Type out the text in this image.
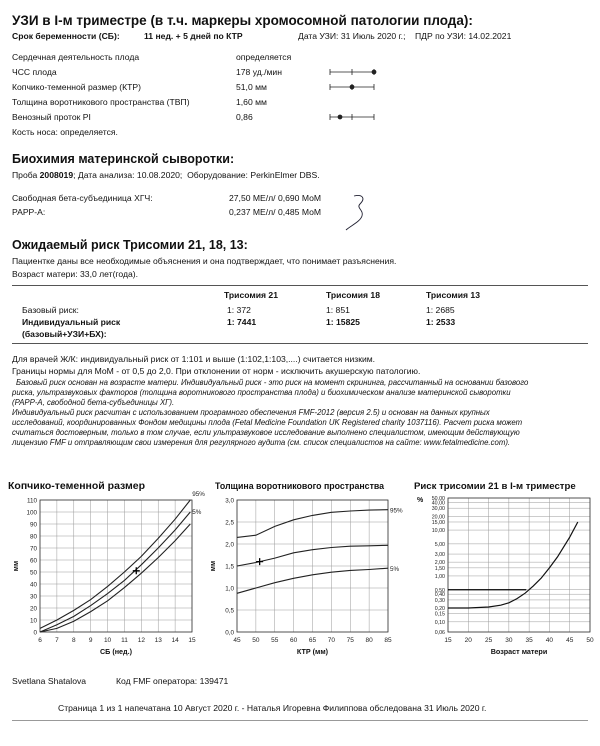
УЗИ в I-м триместре (в т.ч. маркеры хромосомной патологии плода):
Срок беременности (СБ):	11 нед. + 5 дней по КТР	Дата УЗИ: 31 Июль 2020 г.; ПДР по УЗИ: 14.02.2021
Сердечная деятельность плода	определяется
ЧСС плода	178 уд./мин
Копчико-теменной размер (КТР)	51,0 мм
Толщина воротникового пространства (ТВП)	1,60 мм
Венозный проток PI	0,86
Кость носа: определяется.
Биохимия материнской сыворотки:
Проба 2008019; Дата анализа: 10.08.2020; Оборудование: PerkinElmer DBS.
Свободная бета-субъединица ХГЧ:	27,50 МЕ/л/ 0,690 МоМ
PAPP-A:	0,237 МЕ/л/ 0,485 МоМ
Ожидаемый риск Трисомии 21, 18, 13:
Пациентке даны все необходимые объяснения и она подтверждает, что понимает разъяснения.
Возраст матери: 33,0 лет(года).
Трисомия 21	Трисомия 18	Трисомия 13
Базовый риск:	1: 372	1: 851	1: 2685
Индивидуальный риск
(базовый+УЗИ+БХ):
1: 7441	1: 15825	1: 2533
Для врачей Ж/К: индивидуальный риск от 1:101 и выше (1:102,1:103,....) считается низким.
Границы нормы для МоМ - от 0,5 до 2,0. При отклонении от норм - исключить акушерскую патологию.
Базовый риск основан на возрасте матери. Индивидуальный риск - это риск на момент скрининга, рассчитанный на основании базового
риска, ультразвуковых факторов (толщина воротникового пространства плода) и биохимическом анализе материнской сыворотки
(PAPP-A, свободной бета-субъединицы ХГ).
Индивидуальный риск расчитан с использованием програмного обеспечения FMF-2012 (версия 2.5) и основан на данных крупных
исследований, координированных Фондом медицины плода (Fetal Medicine Foundation UK Registered charity 1037116). Расчет риска может
считаться достоверным, только в том случае, если ультразвуковое исследование выполнено специалистом, имеющим действующую
лицензию FMF и отправляющим свои измерения для регулярного аудита (см. список специалистов на сайте: www.fetalmedicine.com).
Копчико-теменной размер
0
10
20
30
40
50
60
70
80
90
100
110
6 7 8 9 10 11 12 13 14 15
СБ (нед.)
мм
95%
5%
Толщина воротникового пространства
0,0
0,5
1,0
1,5
2,0
2,5
3,0
45 50 55 60 65 70 75 80 85
КТР (мм)
мм
95%
5%
Риск трисомии 21 в I-м триместре
0,06
0,10
0,15
0,20
0,30
0,40
0,50
1,00
1,50
2,00
3,00
5,00
10,00
15,00
20,00
30,00
40,00
50,00
15 20 25 30 35 40 45 50
Возраст матери
%
Svetlana Shatalova	Код FMF оператора: 139471
Страница 1 из 1 напечатана 10 Август 2020 г. - Наталья Игоревна Филиппова обследована 31 Июль 2020 г.
